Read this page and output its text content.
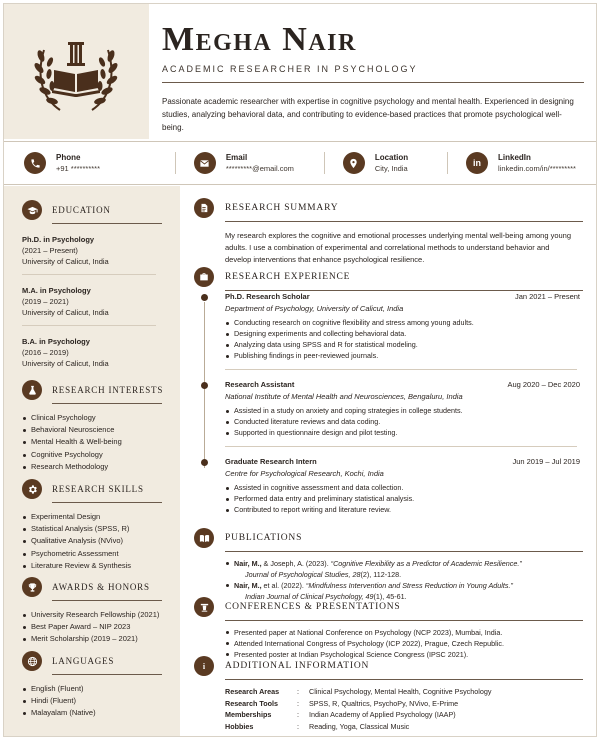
Megha Nair
ACADEMIC RESEARCHER IN PSYCHOLOGY
Passionate academic researcher with expertise in cognitive psychology and mental health. Experienced in designing studies, analyzing behavioral data, and contributing to evidence-based practices that promote psychological well-being.
Phone
+91 **********
Email
*********@email.com
Location
City, India
in
LinkedIn
linkedin.com/in/*********
EDUCATION
Ph.D. in Psychology
(2021 – Present)
University of Calicut, India
M.A. in Psychology
(2019 – 2021)
University of Calicut, India
B.A. in Psychology
(2016 – 2019)
University of Calicut, India
RESEARCH INTERESTS
Clinical Psychology
Behavioral Neuroscience
Mental Health & Well-being
Cognitive Psychology
Research Methodology
RESEARCH SKILLS
Experimental Design
Statistical Analysis (SPSS, R)
Qualitative Analysis (NVivo)
Psychometric Assessment
Literature Review & Synthesis
AWARDS & HONORS
University Research Fellowship (2021)
Best Paper Award – NIP 2023
Merit Scholarship (2019 – 2021)
LANGUAGES
English (Fluent)
Hindi (Fluent)
Malayalam (Native)
RESEARCH SUMMARY
My research explores the cognitive and emotional processes underlying mental well-being among young adults. I use a combination of experimental and correlational methods to understand behavior and develop interventions that enhance psychological resilience.
RESEARCH EXPERIENCE
Ph.D. Research Scholar	Jan 2021 – Present
Department of Psychology, University of Calicut, India
Conducting research on cognitive flexibility and stress among young adults.
Designing experiments and collecting behavioral data.
Analyzing data using SPSS and R for statistical modeling.
Publishing findings in peer-reviewed journals.
Research Assistant	Aug 2020 – Dec 2020
National Institute of Mental Health and Neurosciences, Bengaluru, India
Assisted in a study on anxiety and coping strategies in college students.
Conducted literature reviews and data coding.
Supported in questionnaire design and pilot testing.
Graduate Research Intern	Jun 2019 – Jul 2019
Centre for Psychological Research, Kochi, India
Assisted in cognitive assessment and data collection.
Performed data entry and preliminary statistical analysis.
Contributed to report writing and literature review.
PUBLICATIONS
Nair, M., & Joseph, A. (2023). “Cognitive Flexibility as a Predictor of Academic Resilience.”
Journal of Psychological Studies, 28(2), 112-128.
Nair, M., et al. (2022). “Mindfulness Intervention and Stress Reduction in Young Adults.”
Indian Journal of Clinical Psychology, 49(1), 45-61.
CONFERENCES & PRESENTATIONS
Presented paper at National Conference on Psychology (NCP 2023), Mumbai, India.
Attended International Congress of Psychology (ICP 2022), Prague, Czech Republic.
Presented poster at Indian Psychological Science Congress (IPSC 2021).
i	ADDITIONAL INFORMATION
Research Areas	:	Clinical Psychology, Mental Health, Cognitive Psychology
Research Tools	:	SPSS, R, Qualtrics, PsychoPy, NVivo, E-Prime
Memberships	:	Indian Academy of Applied Psychology (IAAP)
Hobbies	:	Reading, Yoga, Classical Music
